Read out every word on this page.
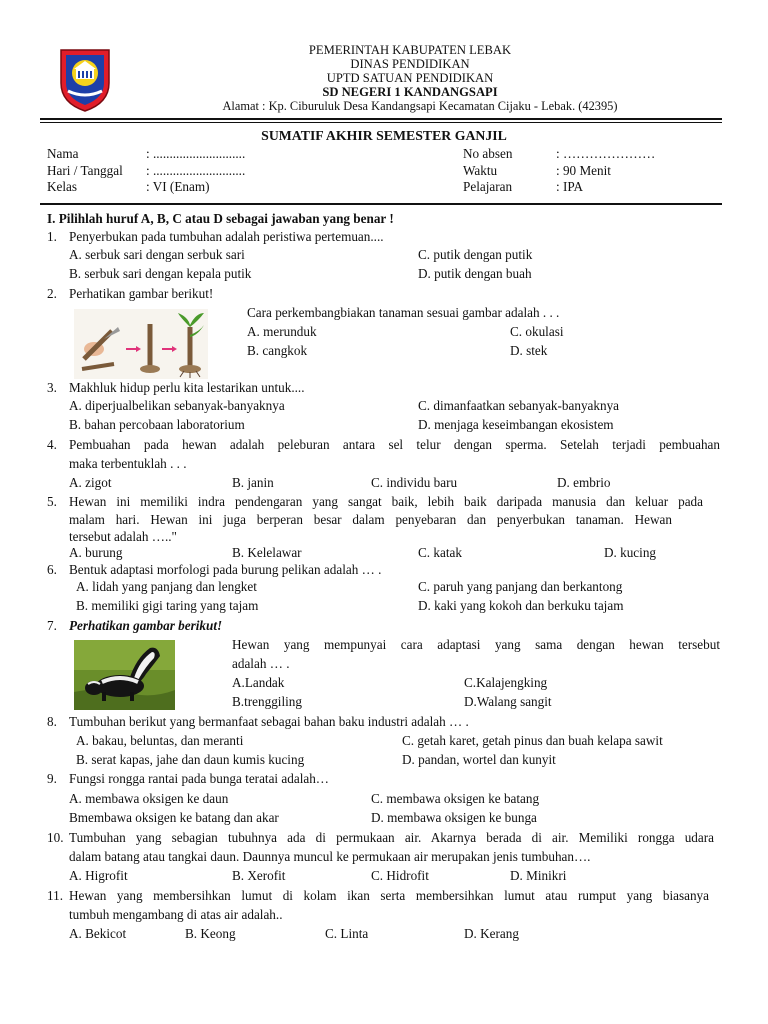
PEMERINTAH KABUPATEN LEBAK
DINAS PENDIDIKAN
UPTD SATUAN PENDIDIKAN
SD NEGERI 1 KANDANGSAPI
Alamat : Kp. Ciburuluk Desa Kandangsapi Kecamatan Cijaku - Lebak. (42395)
SUMATIF AKHIR SEMESTER GANJIL
Nama	: ............................
Hari / Tanggal : ............................
Kelas	: VI (Enam)
No absen	: …………………
Waktu	: 90 Menit
Pelajaran	: IPA
I. Pilihlah huruf A, B, C atau D sebagai jawaban yang benar !
1. Penyerbukan pada tumbuhan adalah peristiwa pertemuan....
A. serbuk sari dengan serbuk sari	C. putik dengan putik
B. serbuk sari dengan kepala putik	D. putik dengan buah
2. Perhatikan gambar berikut!
Cara perkembangbiakan tanaman sesuai gambar adalah . . .
A. merunduk	C. okulasi
B. cangkok	D. stek
3. Makhluk hidup perlu kita lestarikan untuk....
A. diperjualbelikan sebanyak-banyaknya	C. dimanfaatkan sebanyak-banyaknya
B. bahan percobaan laboratorium	D. menjaga keseimbangan ekosistem
4. Pembuahan pada hewan adalah peleburan antara sel telur dengan sperma. Setelah terjadi pembuahan
maka terbentuklah . . .
A. zigot	B. janin	C. individu baru	D. embrio
5. Hewan ini memiliki indra pendengaran yang sangat baik, lebih baik daripada manusia dan keluar pada
malam hari. Hewan ini juga berperan besar dalam penyebaran dan penyerbukan tanaman. Hewan
tersebut adalah ….."
A. burung	B. Kelelawar	C. katak	D. kucing
6. Bentuk adaptasi morfologi pada burung pelikan adalah … .
A. lidah yang panjang dan lengket	C. paruh yang panjang dan berkantong
B. memiliki gigi taring yang tajam	D. kaki yang kokoh dan berkuku tajam
7. Perhatikan gambar berikut!
Hewan yang mempunyai cara adaptasi yang sama dengan hewan tersebut
adalah … .
A.Landak	C.Kalajengking
B.trenggiling	D.Walang sangit
8. Tumbuhan berikut yang bermanfaat sebagai bahan baku industri adalah … .
A. bakau, beluntas, dan meranti	C. getah karet, getah pinus dan buah kelapa sawit
B. serat kapas, jahe dan daun kumis kucing	D. pandan, wortel dan kunyit
9. Fungsi rongga rantai pada bunga teratai adalah…
A. membawa oksigen ke daun	C. membawa oksigen ke batang
Bmembawa oksigen ke batang dan akar	D. membawa oksigen ke bunga
10. Tumbuhan yang sebagian tubuhnya ada di permukaan air. Akarnya berada di air. Memiliki rongga udara
dalam batang atau tangkai daun. Daunnya muncul ke permukaan air merupakan jenis tumbuhan….
A. Higrofit	B. Xerofit	C. Hidrofit	D. Minikri
11. Hewan yang membersihkan lumut di kolam ikan serta membersihkan lumut atau rumput yang biasanya
tumbuh mengambang di atas air adalah..
A. Bekicot	B. Keong	C. Linta	D. Kerang
